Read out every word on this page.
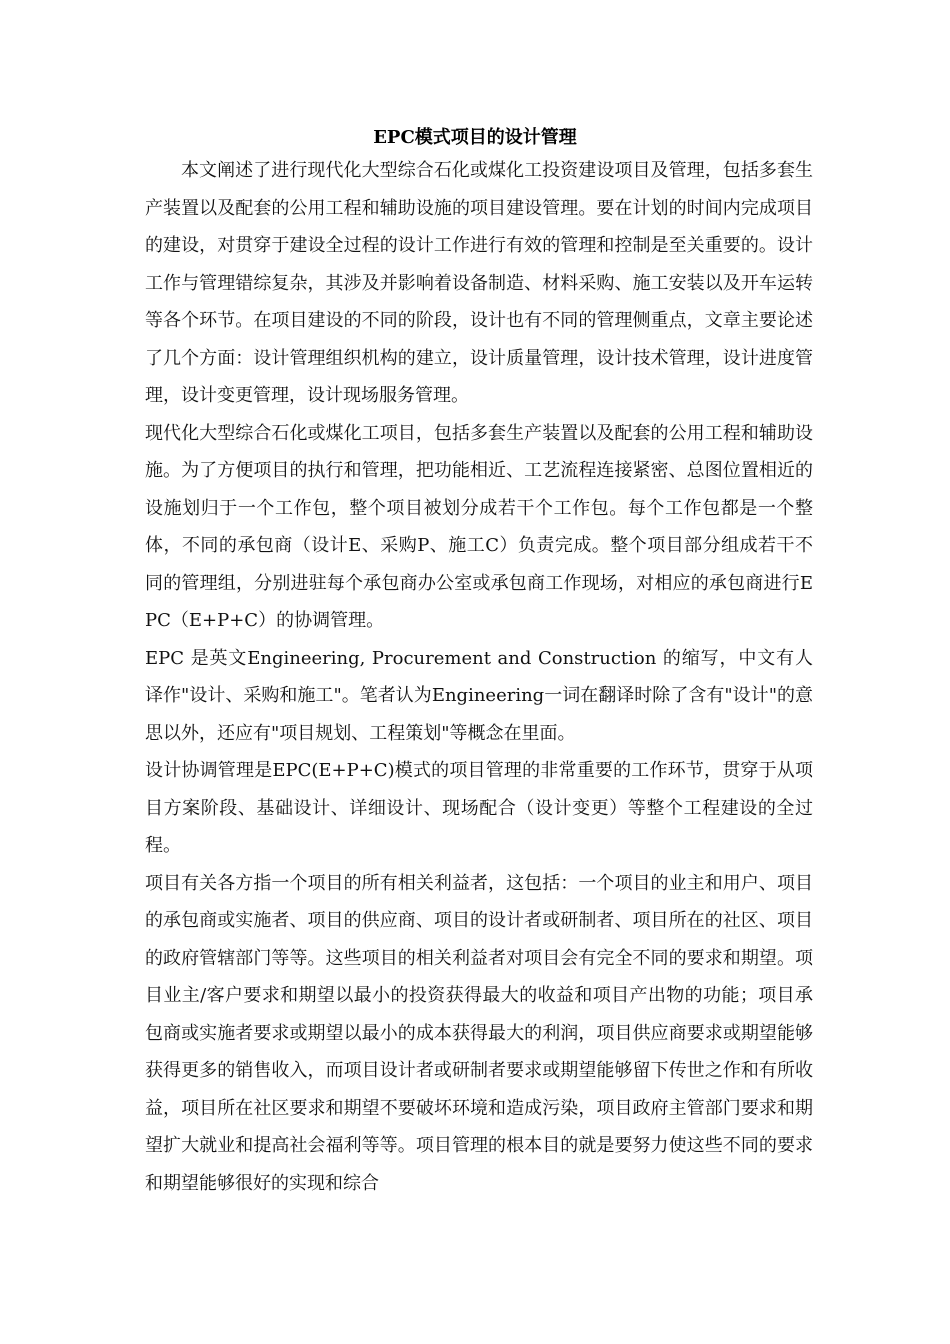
EPC模式项目的设计管理

本文阐述了进行现代化大型综合石化或煤化工投资建设项目及管理，包括多套生产装置以及配套的公用工程和辅助设施的项目建设管理。要在计划的时间内完成项目的建设，对贯穿于建设全过程的设计工作进行有效的管理和控制是至关重要的。设计工作与管理错综复杂，其涉及并影响着设备制造、材料采购、施工安装以及开车运转等各个环节。在项目建设的不同的阶段，设计也有不同的管理侧重点，文章主要论述了几个方面：设计管理组织机构的建立，设计质量管理，设计技术管理，设计进度管理，设计变更管理，设计现场服务管理。

现代化大型综合石化或煤化工项目，包括多套生产装置以及配套的公用工程和辅助设施。为了方便项目的执行和管理，把功能相近、工艺流程连接紧密、总图位置相近的设施划归于一个工作包，整个项目被划分成若干个工作包。每个工作包都是一个整体，不同的承包商（设计E、采购P、施工C）负责完成。整个项目部分组成若干不同的管理组，分别进驻每个承包商办公室或承包商工作现场，对相应的承包商进行EPC（E+P+C）的协调管理。

EPC 是英文Engineering, Procurement and Construction 的缩写，中文有人译作"设计、采购和施工"。笔者认为Engineering一词在翻译时除了含有"设计"的意思以外，还应有"项目规划、工程策划"等概念在里面。

设计协调管理是EPC(E+P+C)模式的项目管理的非常重要的工作环节，贯穿于从项目方案阶段、基础设计、详细设计、现场配合（设计变更）等整个工程建设的全过程。

项目有关各方指一个项目的所有相关利益者，这包括：一个项目的业主和用户、项目的承包商或实施者、项目的供应商、项目的设计者或研制者、项目所在的社区、项目的政府管辖部门等等。这些项目的相关利益者对项目会有完全不同的要求和期望。项目业主/客户要求和期望以最小的投资获得最大的收益和项目产出物的功能；项目承包商或实施者要求或期望以最小的成本获得最大的利润，项目供应商要求或期望能够获得更多的销售收入，而项目设计者或研制者要求或期望能够留下传世之作和有所收益，项目所在社区要求和期望不要破坏环境和造成污染，项目政府主管部门要求和期望扩大就业和提高社会福利等等。项目管理的根本目的就是要努力使这些不同的要求和期望能够很好的实现和综合
